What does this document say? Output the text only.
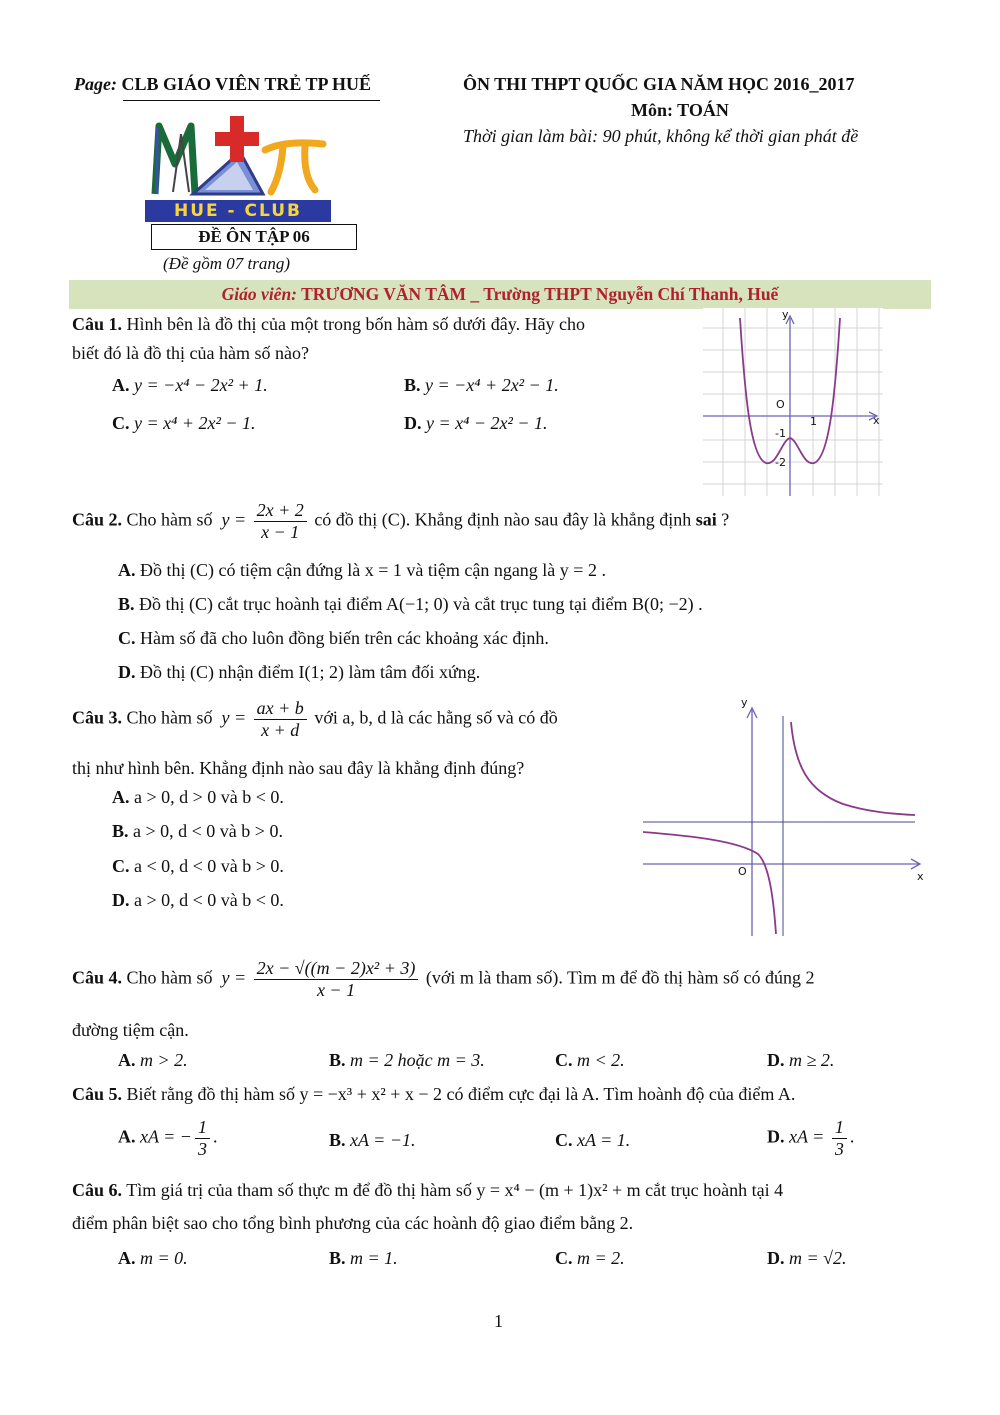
Page: CLB GIÁO VIÊN TRẺ TP HUẾ	ÔN THI THPT QUỐC GIA NĂM HỌC 2016_2017
Môn: TOÁN
Thời gian làm bài: 90 phút, không kể thời gian phát đề
HUE - CLUB
ĐỀ ÔN TẬP 06
(Đề gồm 07 trang)
Giáo viên: TRƯƠNG VĂN TÂM _ Trường THPT Nguyễn Chí Thanh, Huế
Câu 1. Hình bên là đồ thị của một trong bốn hàm số dưới đây. Hãy cho
biết đó là đồ thị của hàm số nào?
A. y = −x⁴ − 2x² + 1.	B. y = −x⁴ + 2x² − 1.
C. y = x⁴ + 2x² − 1.	D. y = x⁴ − 2x² − 1.
y
x
O
1
-1
-2
Câu 2. Cho hàm số  $y = \frac{2x + 2}{x - 1}$ có đồ thị (C). Khẳng định nào sau đây là khẳng định sai ?
A. Đồ thị (C) có tiệm cận đứng là x = 1 và tiệm cận ngang là y = 2 .
B. Đồ thị (C) cắt trục hoành tại điểm A(−1; 0) và cắt trục tung tại điểm B(0; −2) .
C. Hàm số đã cho luôn đồng biến trên các khoảng xác định.
D. Đồ thị (C) nhận điểm I(1; 2) làm tâm đối xứng.
Câu 3. Cho hàm số  $y = \frac{ax + b}{x + d}$ với a, b, d là các hằng số và có đồ
thị như hình bên. Khẳng định nào sau đây là khẳng định đúng?
A. a > 0, d > 0 và b < 0.
B. a > 0, d < 0 và b > 0.
C. a < 0, d < 0 và b > 0.
D. a > 0, d < 0 và b < 0.
y
x
O
Câu 4. Cho hàm số  $y = \frac{\text{2x − √((m − 2)x² + 3)}}{x - 1}$ (với m là tham số). Tìm m để đồ thị hàm số có đúng 2
đường tiệm cận.
A. m > 2.	B. m = 2 hoặc m = 3.	C. m < 2.	D. m ≥ 2.
Câu 5. Biết rằng đồ thị hàm số y = −x³ + x² + x − 2 có điểm cực đại là A. Tìm hoành độ của điểm A.
A. xA = − $\frac{1}{3}$ .	B. xA = −1.	C. xA = 1.	D. xA = $\frac{1}{3}$ .
Câu 6. Tìm giá trị của tham số thực m để đồ thị hàm số y = x⁴ − (m + 1)x² + m cắt trục hoành tại 4
điểm phân biệt sao cho tổng bình phương của các hoành độ giao điểm bằng 2.
A. m = 0.	B. m = 1.	C. m = 2.	D. m = √2.
1
